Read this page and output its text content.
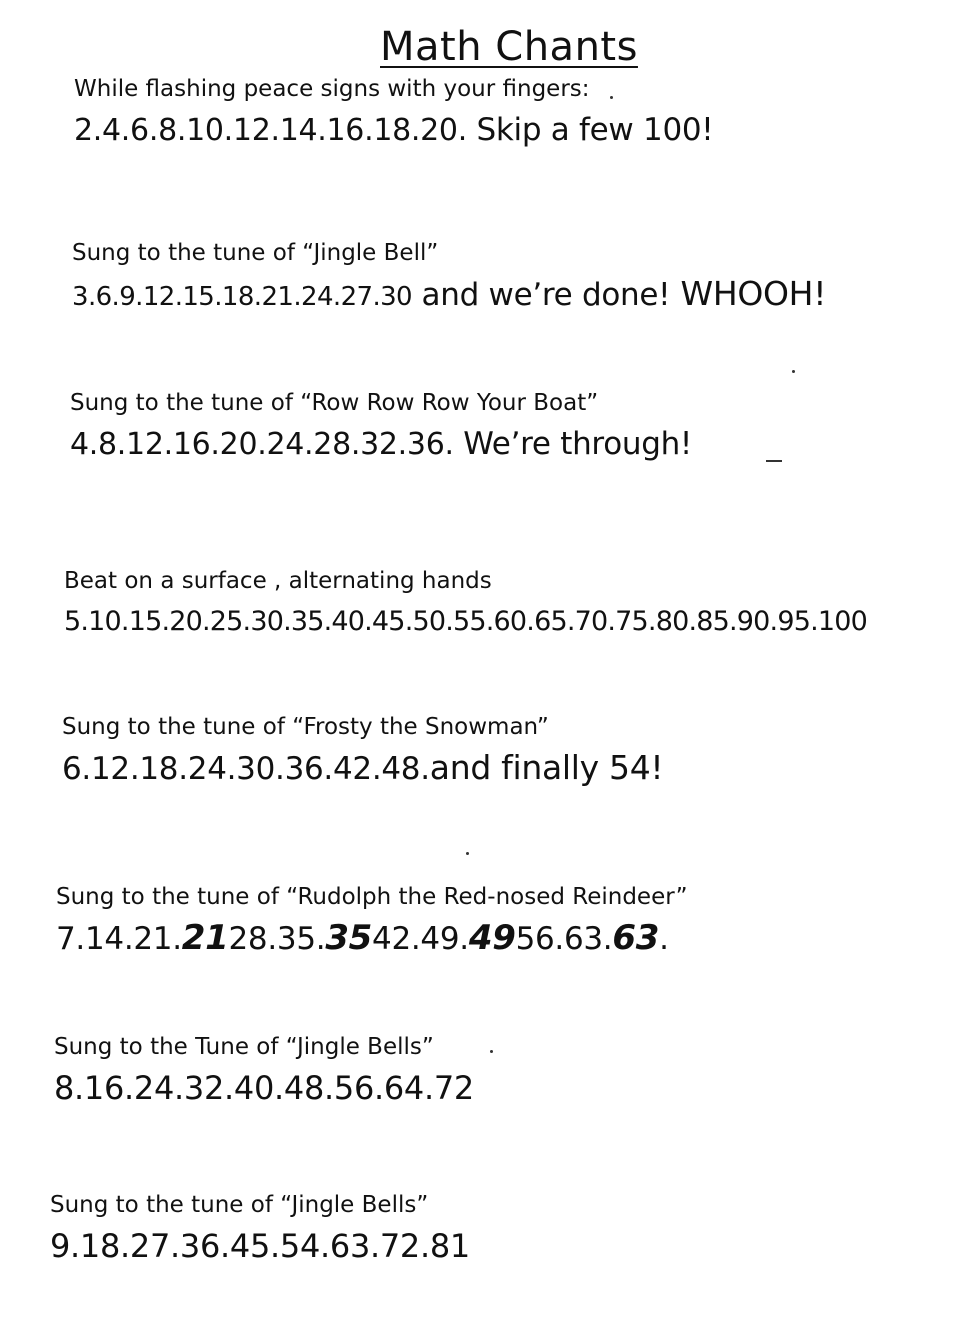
Math Chants
While flashing peace signs with your fingers:
2.4.6.8.10.12.14.16.18.20. Skip a few 100!
Sung to the tune of “Jingle Bell”
3.6.9.12.15.18.21.24.27.30 and we’re done! WHOOH!
Sung to the tune of “Row Row Row Your Boat”
4.8.12.16.20.24.28.32.36. We’re through!
Beat on a surface , alternating hands
5.10.15.20.25.30.35.40.45.50.55.60.65.70.75.80.85.90.95.100
Sung to the tune of “Frosty the Snowman”
6.12.18.24.30.36.42.48.and finally 54!
Sung to the tune of “Rudolph the Red-nosed Reindeer”
7.14.21.2128.35.3542.49.4956.63.63.
Sung to the Tune of “Jingle Bells”
8.16.24.32.40.48.56.64.72
Sung to the tune of “Jingle Bells”
9.18.27.36.45.54.63.72.81
